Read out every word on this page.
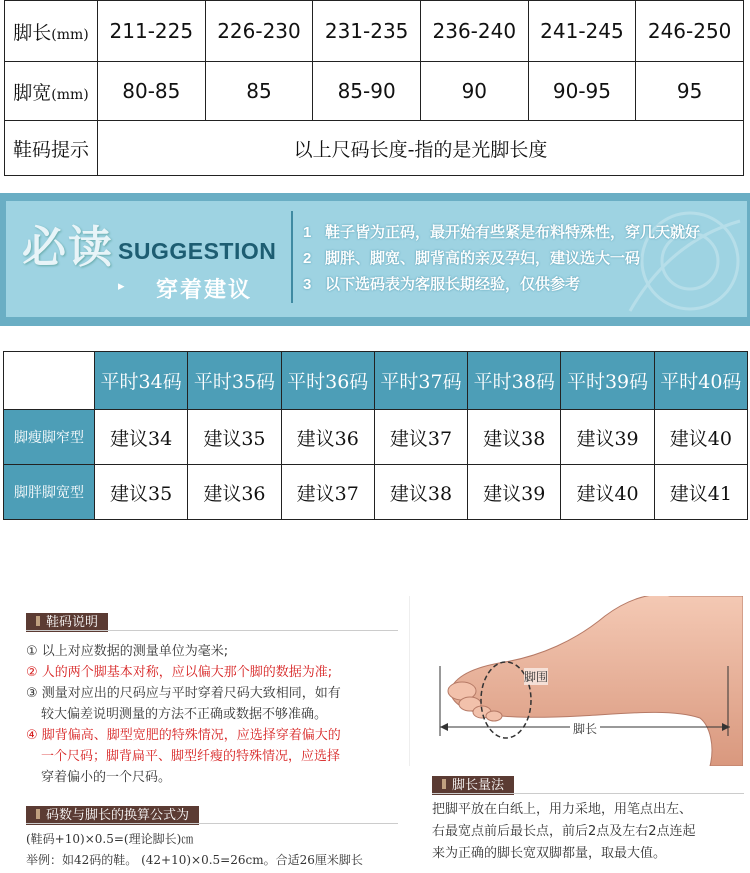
脚长(mm)	211-225	226-230	231-235	236-240	241-245	246-250
脚宽(mm)	80-85	85	85-90	90	90-95	95
鞋码提示	以上尺码长度-指的是光脚长度					
必读 SUGGESTION
▸ 穿着建议
1 鞋子皆为正码，最开始有些紧是布料特殊性，穿几天就好
2 脚胖、脚宽、脚背高的亲及孕妇，建议选大一码
3 以下选码表为客服长期经验，仅供参考
	平时34码	平时35码	平时36码	平时37码	平时38码	平时39码	平时40码
脚瘦脚窄型	建议34	建议35	建议36	建议37	建议38	建议39	建议40
脚胖脚宽型	建议35	建议36	建议37	建议38	建议39	建议40	建议41
鞋码说明

① 以上对应数据的测量单位为毫米;

② 人的两个脚基本对称，应以偏大那个脚的数据为准;

③ 测量对应出的尺码应与平时穿着尺码大致相同，如有

较大偏差说明测量的方法不正确或数据不够准确。

④ 脚背偏高、脚型宽肥的特殊情况，应选择穿着偏大的

一个尺码；脚背扁平、脚型纤瘦的特殊情况，应选择

穿着偏小的一个尺码。

码数与脚长的换算公式为
(鞋码+10)×0.5=(理论脚长)㎝
举例：如42码的鞋。 (42+10)×0.5=26cm。合适26厘米脚长
脚围
脚长
脚长量法
把脚平放在白纸上，用力采地，用笔点出左、
右最宽点前后最长点，前后2点及左右2点连起
来为正确的脚长宽双脚都量，取最大值。
